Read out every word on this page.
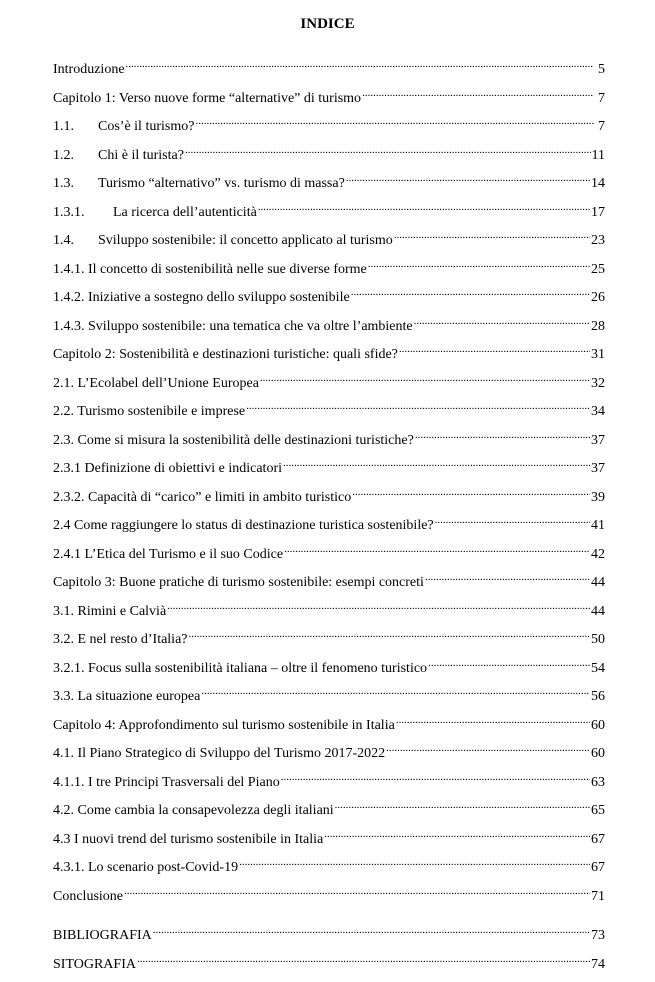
INDICE
Introduzione .....	5
Capitolo 1: Verso nuove forme “alternative” di turismo .....	7
1.1.	Cos’è il turismo? .....	7
1.2.	Chi è il turista? .....	11
1.3.	Turismo “alternativo” vs. turismo di massa? .....	14
1.3.1.	La ricerca dell’autenticità .....	17
1.4.	Sviluppo sostenibile: il concetto applicato al turismo .....	23
1.4.1. Il concetto di sostenibilità nelle sue diverse forme .....	25
1.4.2. Iniziative a sostegno dello sviluppo sostenibile .....	26
1.4.3. Sviluppo sostenibile: una tematica che va oltre l’ambiente .....	28
Capitolo 2: Sostenibilità e destinazioni turistiche: quali sfide? .....	31
2.1. L’Ecolabel dell’Unione Europea .....	32
2.2. Turismo sostenibile e imprese .....	34
2.3. Come si misura la sostenibilità delle destinazioni turistiche? .....	37
2.3.1 Definizione di obiettivi e indicatori .....	37
2.3.2. Capacità di “carico” e limiti in ambito turistico .....	39
2.4 Come raggiungere lo status di destinazione turistica sostenibile? .....	41
2.4.1 L’Etica del Turismo e il suo Codice .....	42
Capitolo 3: Buone pratiche di turismo sostenibile: esempi concreti .....	44
3.1. Rimini e Calvià .....	44
3.2. E nel resto d’Italia? .....	50
3.2.1. Focus sulla sostenibilità italiana – oltre il fenomeno turistico .....	54
3.3. La situazione europea .....	56
Capitolo 4: Approfondimento sul turismo sostenibile in Italia .....	60
4.1. Il Piano Strategico di Sviluppo del Turismo 2017-2022 .....	60
4.1.1. I tre Principi Trasversali del Piano .....	63
4.2. Come cambia la consapevolezza degli italiani .....	65
4.3 I nuovi trend del turismo sostenibile in Italia .....	67
4.3.1. Lo scenario post-Covid-19 .....	67
Conclusione .....	71
BIBLIOGRAFIA .....	73
SITOGRAFIA .....	74
